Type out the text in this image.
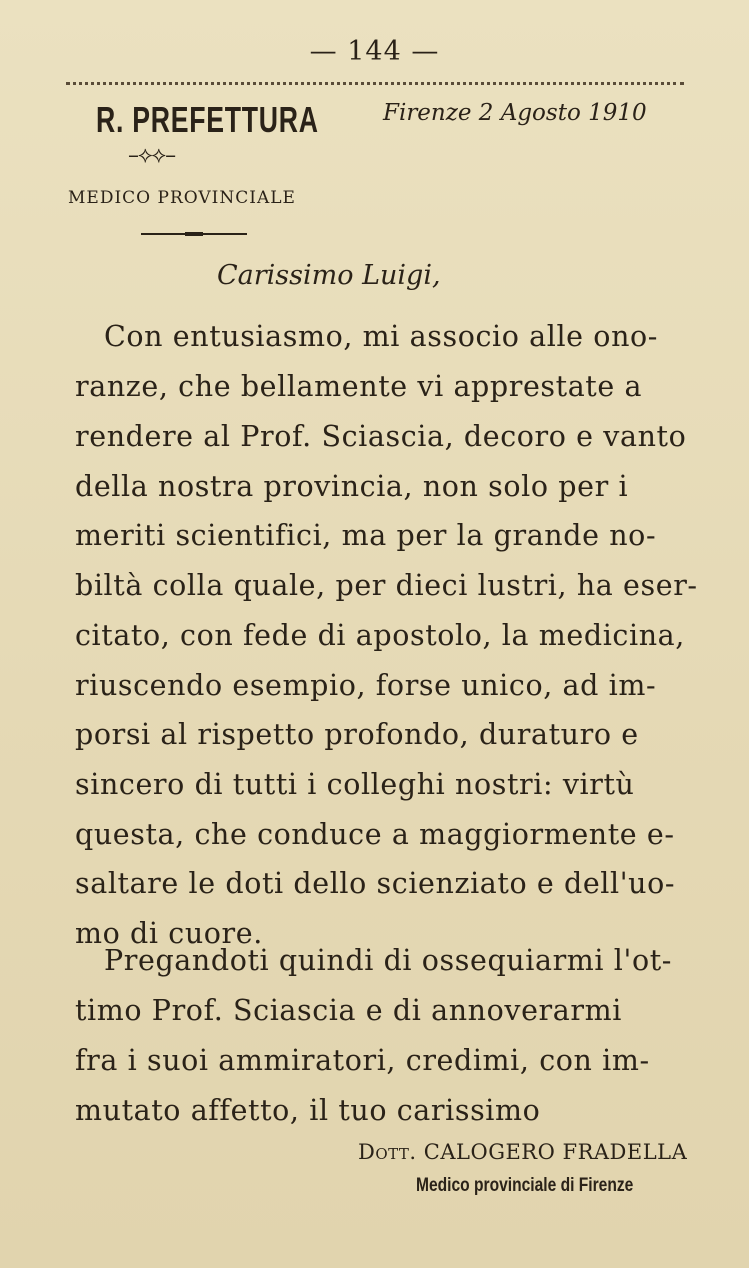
— 144 —
R. PREFETTURA	Firenze 2 Agosto 1910
–⟡⟡–
MEDICO PROVINCIALE
Carissimo Luigi,
Con entusiasmo, mi associo alle ono-
ranze, che bellamente vi apprestate a
rendere al Prof. Sciascia, decoro e vanto
della nostra provincia, non solo per i
meriti scientifici, ma per la grande no-
biltà colla quale, per dieci lustri, ha eser-
citato, con fede di apostolo, la medicina,
riuscendo esempio, forse unico, ad im-
porsi al rispetto profondo, duraturo e
sincero di tutti i colleghi nostri: virtù
questa, che conduce a maggiormente e-
saltare le doti dello scienziato e dell'uo-
mo di cuore.
Pregandoti quindi di ossequiarmi l'ot-
timo Prof. Sciascia e di annoverarmi
fra i suoi ammiratori, credimi, con im-
mutato affetto, il tuo carissimo
Dott. CALOGERO FRADELLA
Medico provinciale di Firenze
